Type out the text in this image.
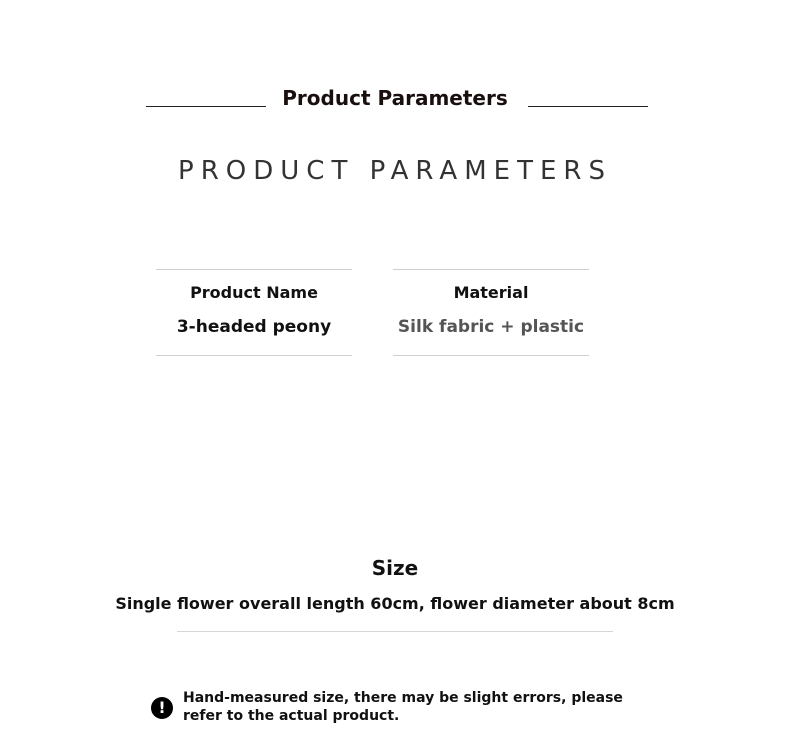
Product Parameters
PRODUCT PARAMETERS
Product Name
3-headed peony
Material
Silk fabric + plastic
Size
Single flower overall length 60cm, flower diameter about 8cm
!	Hand-measured size, there may be slight errors, please refer to the actual product.
